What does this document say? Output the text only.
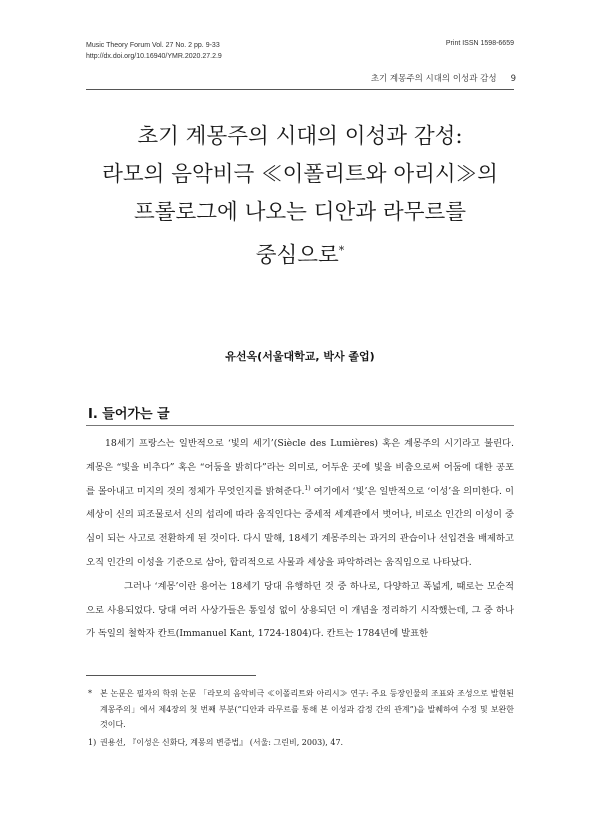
Music Theory Forum Vol. 27 No. 2 pp. 9-33
http://dx.doi.org/10.16940/YMR.2020.27.2.9
Print ISSN 1598-6659
초기 계몽주의 시대의 이성과 감성 9
초기 계몽주의 시대의 이성과 감성:
라모의 음악비극 ≪이폴리트와 아리시≫의
프롤로그에 나오는 디안과 라무르를
중심으로*
유선옥(서울대학교, 박사 졸업)
I. 들어가는 글

18세기 프랑스는 일반적으로 ‘빛의 세기’(Siècle des Lumières) 혹은 계몽주의 시기라고 불린다. 계몽은 “빛을 비추다” 혹은 “어둠을 밝히다”라는 의미로, 어두운 곳에 빛을 비춤으로써 어둠에 대한 공포를 몰아내고 미지의 것의 정체가 무엇인지를 밝혀준다.$^{1)}$ 여기에서 ‘빛’은 일반적으로 ‘이성’을 의미한다. 이 세상이 신의 피조물로서 신의 섭리에 따라 움직인다는 중세적 세계관에서 벗어나, 비로소 인간의 이성이 중심이 되는 사고로 전환하게 된 것이다. 다시 말해, 18세기 계몽주의는 과거의 관습이나 선입견을 배제하고 오직 인간의 이성을 기준으로 삼아, 합리적으로 사물과 세상을 파악하려는 움직임으로 나타났다.

그러나 ‘계몽’이란 용어는 18세기 당대 유행하던 것 중 하나로, 다양하고 폭넓게, 때로는 모순적으로 사용되었다. 당대 여러 사상가들은 통일성 없이 상용되던 이 개념을 정리하기 시작했는데, 그 중 하나가 독일의 철학자 칸트(Immanuel Kant, 1724-1804)다. 칸트는 1784년에 발표한

* 본 논문은 필자의 학위 논문 「라모의 음악비극 ≪이폴리트와 아리시≫ 연구: 주요 등장인물의 조표와 조성으로 발현된 계몽주의」에서 제4장의 첫 번째 부분(“디안과 라무르를 통해 본 이성과 감정 간의 관계”)을 발췌하여 수정 및 보완한 것이다.
1) 권용선, 『이성은 신화다, 계몽의 변증법』 (서울: 그린비, 2003), 47.
